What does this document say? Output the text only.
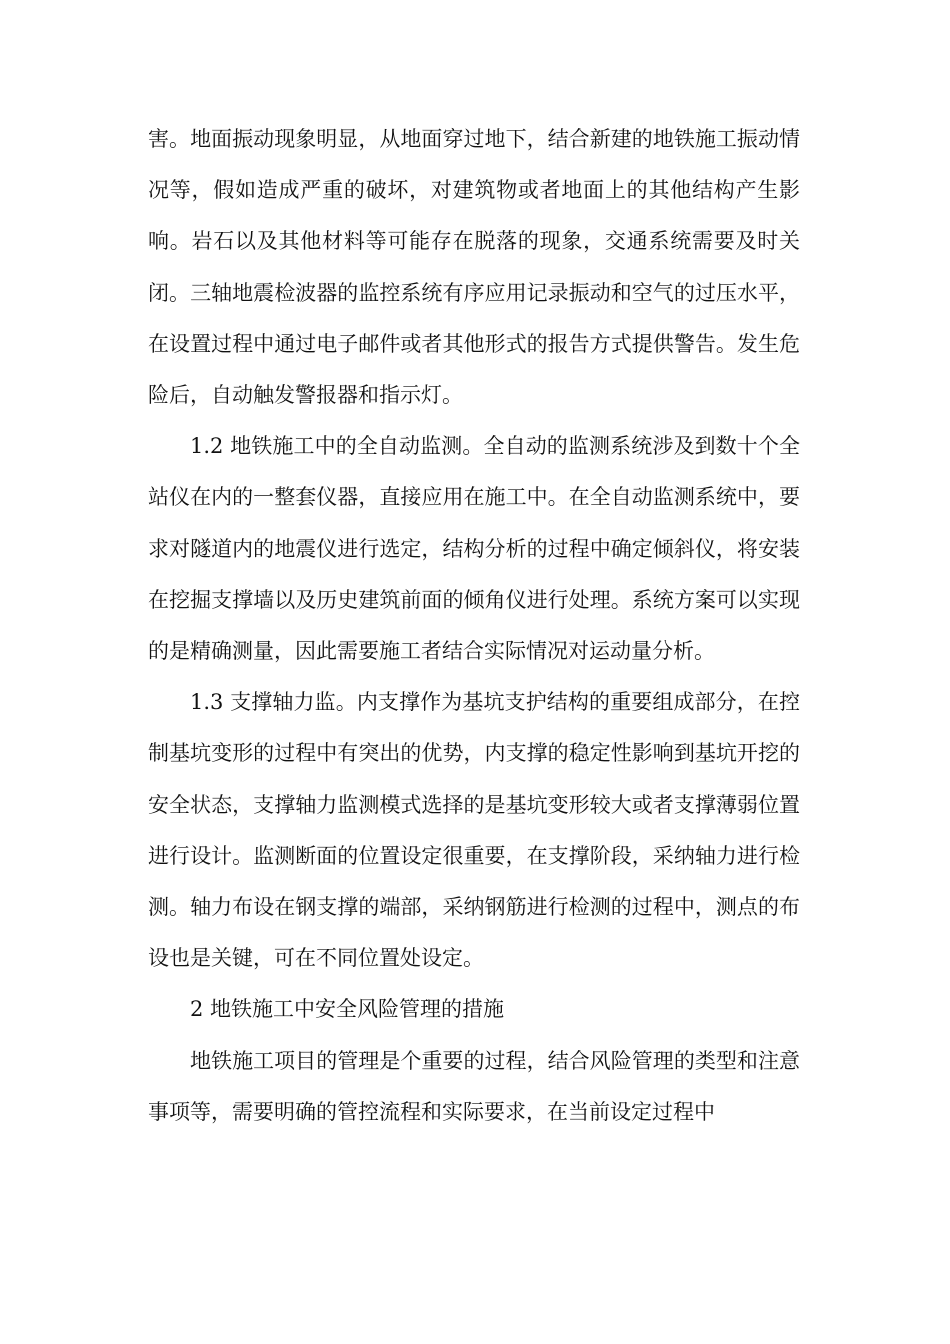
害。地面振动现象明显，从地面穿过地下，结合新建的地铁施工振动情况等，假如造成严重的破坏，对建筑物或者地面上的其他结构产生影响。岩石以及其他材料等可能存在脱落的现象，交通系统需要及时关闭。三轴地震检波器的监控系统有序应用记录振动和空气的过压水平，在设置过程中通过电子邮件或者其他形式的报告方式提供警告。发生危险后，自动触发警报器和指示灯。

1.2 地铁施工中的全自动监测。全自动的监测系统涉及到数十个全站仪在内的一整套仪器，直接应用在施工中。在全自动监测系统中，要求对隧道内的地震仪进行选定，结构分析的过程中确定倾斜仪，将安装在挖掘支撑墙以及历史建筑前面的倾角仪进行处理。系统方案可以实现的是精确测量，因此需要施工者结合实际情况对运动量分析。

1.3 支撑轴力监。内支撑作为基坑支护结构的重要组成部分，在控制基坑变形的过程中有突出的优势，内支撑的稳定性影响到基坑开挖的安全状态，支撑轴力监测模式选择的是基坑变形较大或者支撑薄弱位置进行设计。监测断面的位置设定很重要，在支撑阶段，采纳轴力进行检测。轴力布设在钢支撑的端部，采纳钢筋进行检测的过程中，测点的布设也是关键，可在不同位置处设定。

2 地铁施工中安全风险管理的措施

地铁施工项目的管理是个重要的过程，结合风险管理的类型和注意事项等，需要明确的管控流程和实际要求，在当前设定过程中
